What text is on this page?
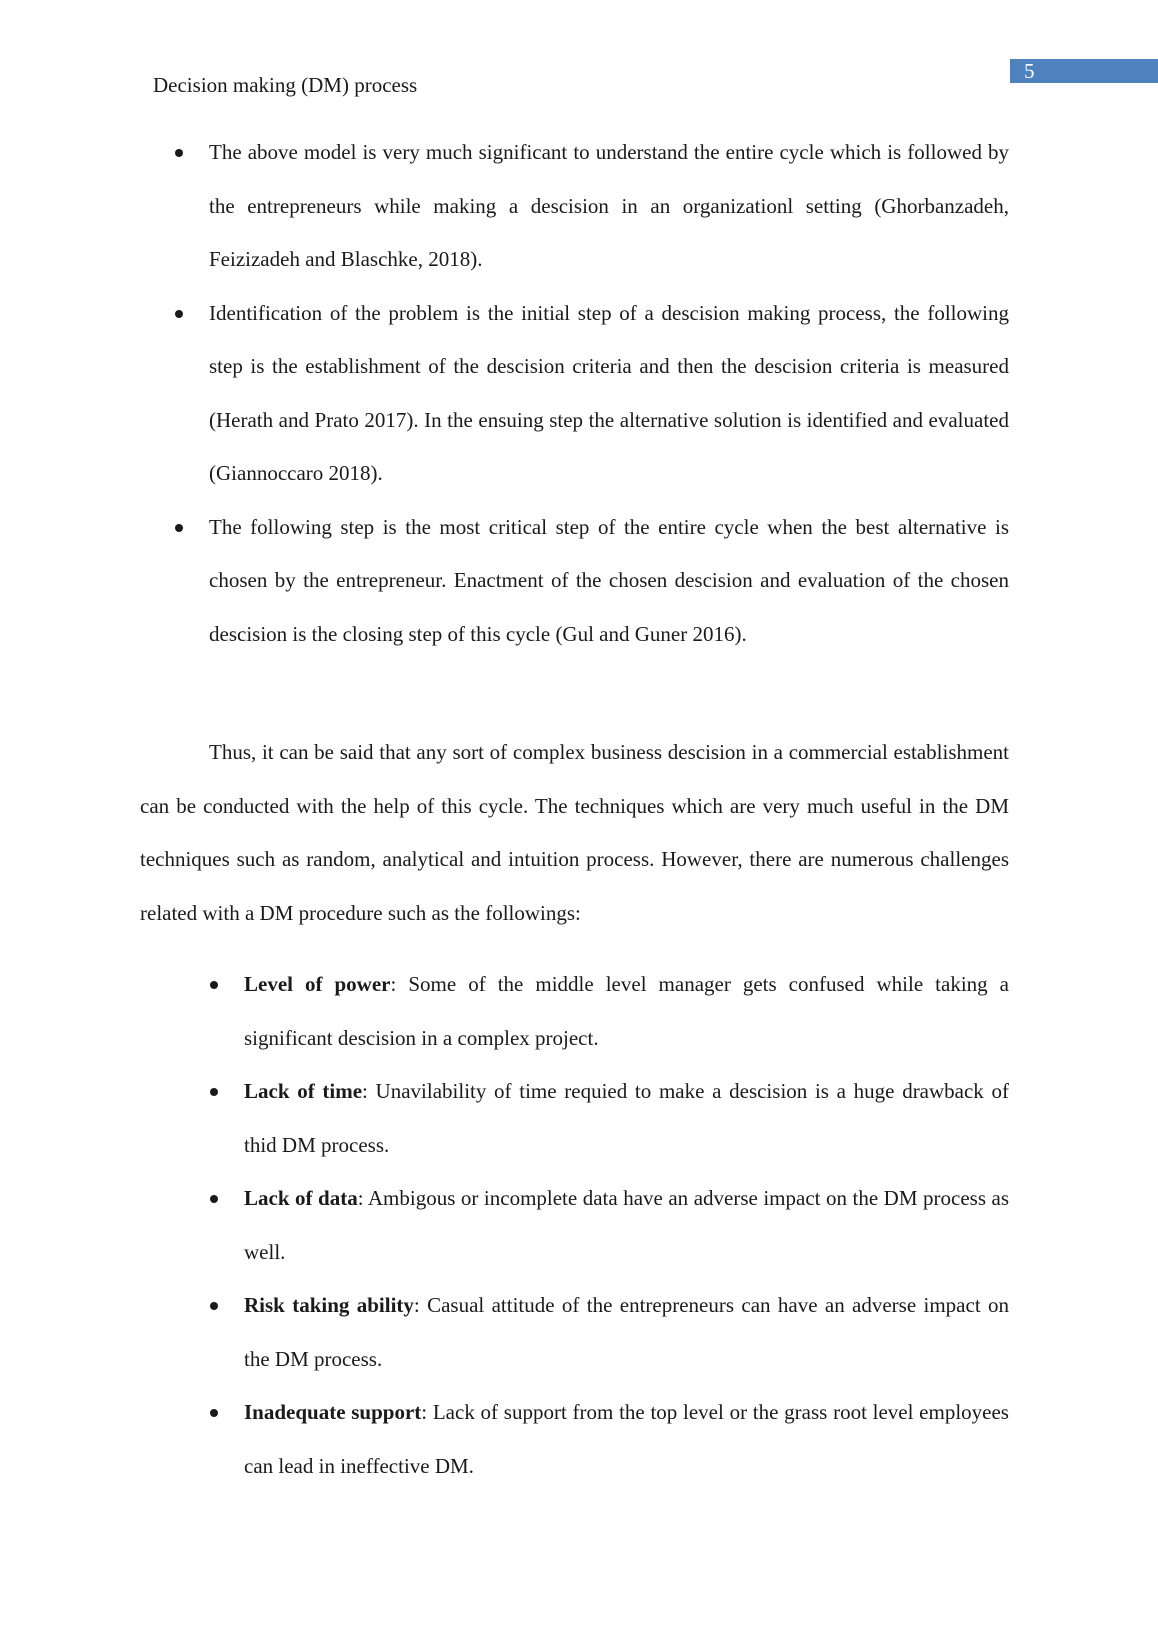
Decision making (DM) process
5
The above model is very much significant to understand the entire cycle which is followed by the entrepreneurs while making a descision in an organizationl setting (Ghorbanzadeh, Feizizadeh and Blaschke, 2018).
Identification of the problem is the initial step of a descision making process, the following step is the establishment of the descision criteria and then the descision criteria is measured (Herath and Prato 2017). In the ensuing step the alternative solution is identified and evaluated (Giannoccaro 2018).
The following step is the most critical step of the entire cycle when the best alternative is chosen by the entrepreneur. Enactment of the chosen descision and evaluation of the chosen descision is the closing step of this cycle (Gul and Guner 2016).

Thus, it can be said that any sort of complex business descision in a commercial establishment can be conducted with the help of this cycle. The techniques which are very much useful in the DM techniques such as random, analytical and intuition process. However, there are numerous challenges related with a DM procedure such as the followings:

Level of power: Some of the middle level manager gets confused while taking a significant descision in a complex project.
Lack of time: Unavilability of time requied to make a descision is a huge drawback of thid DM process.
Lack of data: Ambigous or incomplete data have an adverse impact on the DM process as well.
Risk taking ability: Casual attitude of the entrepreneurs can have an adverse impact on the DM process.
Inadequate support: Lack of support from the top level or the grass root level employees can lead in ineffective DM.
